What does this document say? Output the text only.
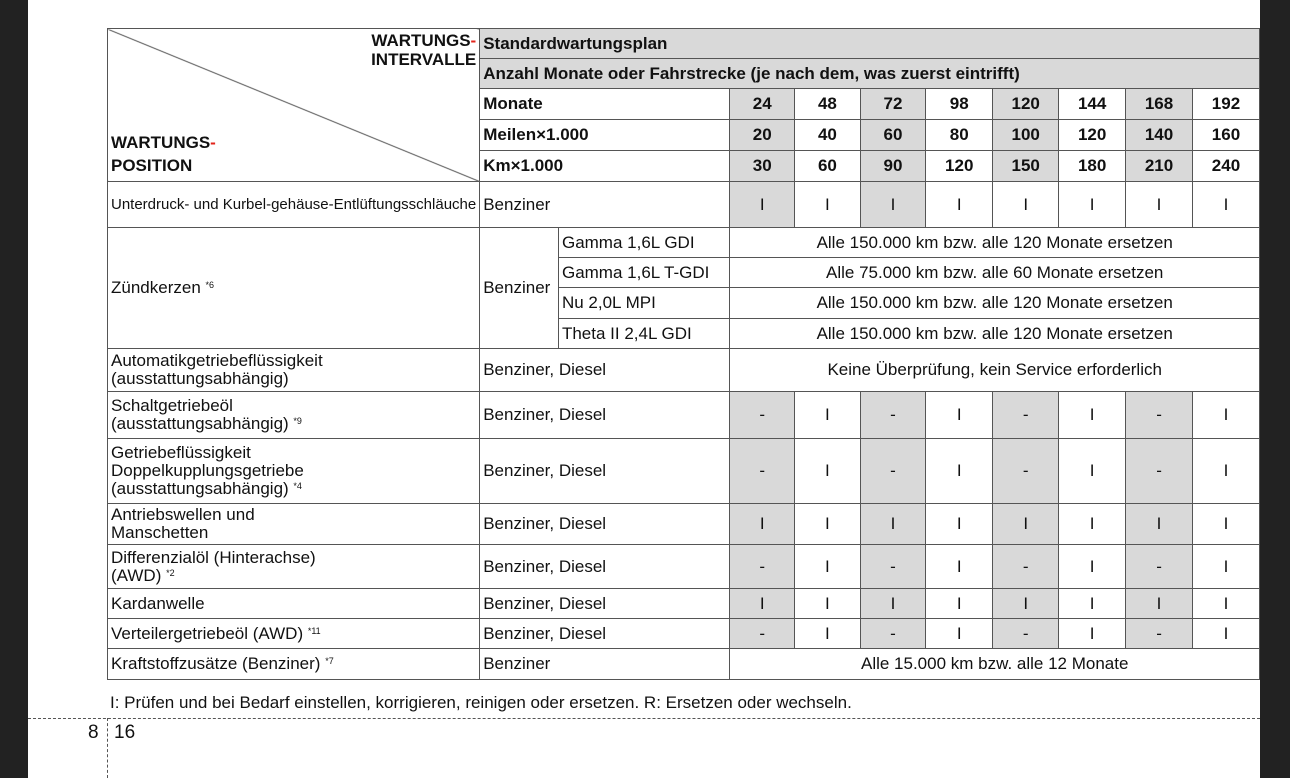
WARTUNGS-
INTERVALLE
WARTUNGS-
POSITION	Standardwartungsplan									
	Anzahl Monate oder Fahrstrecke (je nach dem, was zuerst eintrifft)									
	Monate		24	48	72	98	120	144	168	192
	Meilen×1.000		20	40	60	80	100	120	140	160
	Km×1.000		30	60	90	120	150	180	210	240
Unterdruck- und Kurbel-gehäuse-Entlüftungsschläuche	Benziner		I	I	I	I	I	I	I	I
Zündkerzen $^{*6}$	Benziner	Gamma 1,6L GDI	Alle 150.000 km bzw. alle 120 Monate ersetzen							
		Gamma 1,6L T-GDI	Alle 75.000 km bzw. alle 60 Monate ersetzen							
		Nu 2,0L MPI	Alle 150.000 km bzw. alle 120 Monate ersetzen							
		Theta II 2,4L GDI	Alle 150.000 km bzw. alle 120 Monate ersetzen							
Automatikgetriebeflüssigkeit
(ausstattungsabhängig)	Benziner, Diesel		Keine Überprüfung, kein Service erforderlich							
Schaltgetriebeöl
(ausstattungsabhängig) $^{*9}$	Benziner, Diesel		-	I	-	I	-	I	-	I
Getriebeflüssigkeit
Doppelkupplungsgetriebe
(ausstattungsabhängig) $^{*4}$	Benziner, Diesel		-	I	-	I	-	I	-	I
Antriebswellen und
Manschetten	Benziner, Diesel		I	I	I	I	I	I	I	I
Differenzialöl (Hinterachse)
(AWD) $^{*2}$	Benziner, Diesel		-	I	-	I	-	I	-	I
Kardanwelle	Benziner, Diesel		I	I	I	I	I	I	I	I
Verteilergetriebeöl (AWD) $^{*11}$	Benziner, Diesel		-	I	-	I	-	I	-	I
Kraftstoffzusätze (Benziner) $^{*7}$	Benziner		Alle 15.000 km bzw. alle 12 Monate							

I: Prüfen und bei Bedarf einstellen, korrigieren, reinigen oder ersetzen. R: Ersetzen oder wechseln.

8 16
